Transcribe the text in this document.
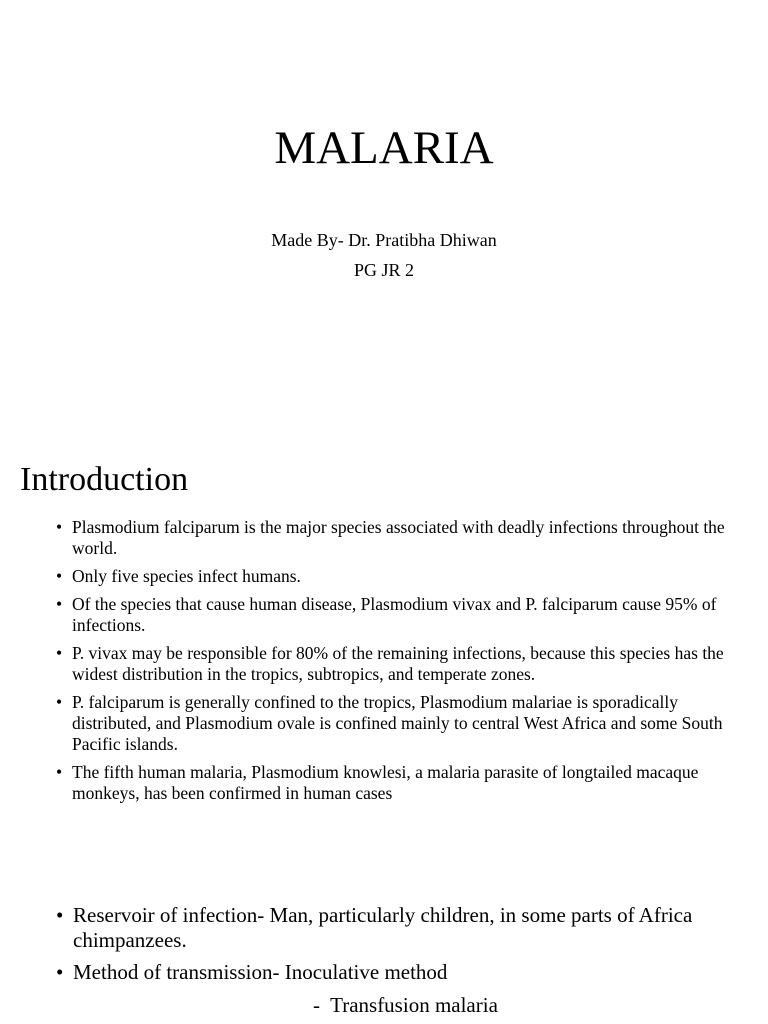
MALARIA

Made By- Dr. Pratibha Dhiwan

PG JR 2

Introduction
• Plasmodium falciparum is the major species associated with deadly infections throughout the world.
• Only five species infect humans.
• Of the species that cause human disease, Plasmodium vivax and P. falciparum cause 95% of infections.
• P. vivax may be responsible for 80% of the remaining infections, because this species has the widest distribution in the tropics, subtropics, and temperate zones.
• P. falciparum is generally confined to the tropics, Plasmodium malariae is sporadically distributed, and Plasmodium ovale is confined mainly to central West Africa and some South Pacific islands.
• The fifth human malaria, Plasmodium knowlesi, a malaria parasite of longtailed macaque monkeys, has been confirmed in human cases
• Reservoir of infection- Man, particularly children, in some parts of Africa chimpanzees.
• Method of transmission- Inoculative method
-  Transfusion malaria
